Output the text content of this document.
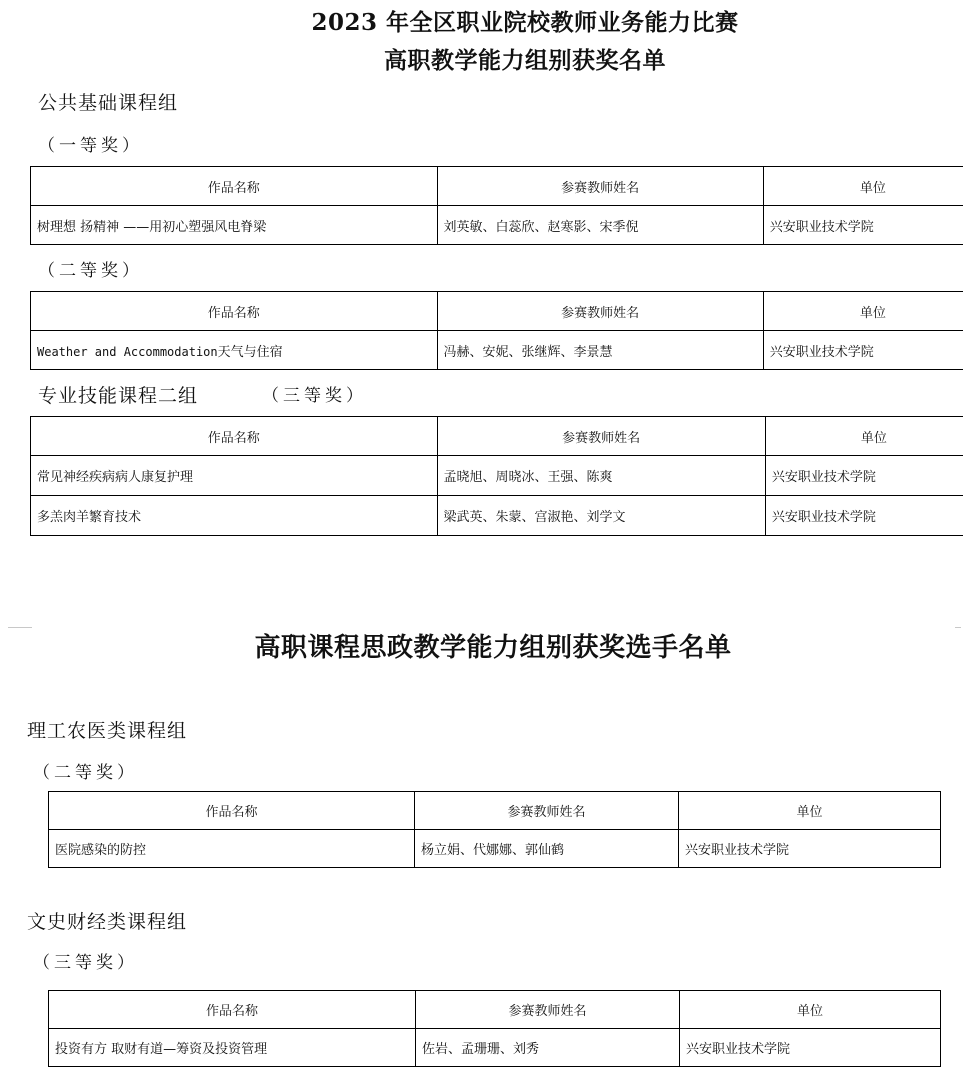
2023 年全区职业院校教师业务能力比赛
高职教学能力组别获奖名单
公共基础课程组
（一等奖）
作品名称	参赛教师姓名	单位
树理想 扬精神 ——用初心塑强风电脊梁	刘英敏、白蕊欣、赵寒影、宋季倪	兴安职业技术学院
（二等奖）
作品名称	参赛教师姓名	单位
Weather and Accommodation天气与住宿	冯赫、安妮、张继辉、李景慧	兴安职业技术学院
专业技能课程二组	（三等奖）
作品名称	参赛教师姓名	单位
常见神经疾病病人康复护理	孟晓旭、周晓冰、王强、陈爽	兴安职业技术学院
多羔肉羊繁育技术	梁武英、朱蒙、宫淑艳、刘学文	兴安职业技术学院
高职课程思政教学能力组别获奖选手名单
理工农医类课程组
（二等奖）
作品名称	参赛教师姓名	单位
医院感染的防控	杨立娟、代娜娜、郭仙鹤	兴安职业技术学院
文史财经类课程组
（三等奖）
作品名称	参赛教师姓名	单位
投资有方 取财有道—筹资及投资管理	佐岩、孟珊珊、刘秀	兴安职业技术学院
